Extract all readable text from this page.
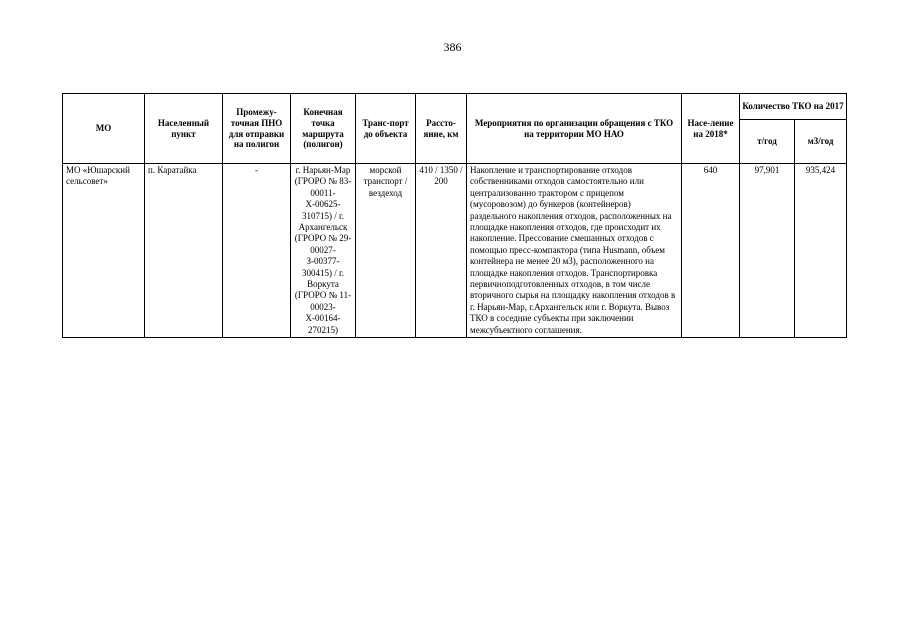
386
МО	Населенный пункт	Промежу-точная ПНО для отправки на полигон	Конечная точка маршрута (полигон)	Транс-порт до объекта	Рассто-яние, км	Мероприятия по организации обращения с ТКО на территории МО НАО	Насе-ление на 2018*	Количество ТКО на 2017	
								т/год	м3/год
МО «Юшарский сельсовет»	п. Каратайка	-	г. Нарьян-Мар (ГРОРО № 83-00011-Х-00625-310715) / г. Архангельск (ГРОРО № 29-00027-З-00377-300415) / г. Воркута (ГРОРО № 11-00023-Х-00164-270215)	морской транспорт / вездеход	410 / 1350 / 200	Накопление и транспортирование отходов собственниками отходов самостоятельно или централизованно трактором с прицепом (мусоровозом) до бункеров (контейнеров) раздельного накопления отходов, расположенных на площадке накопления отходов, где происходит их накопление. Прессование смешанных отходов с помощью пресс-компактора (типа Husmann, объем контейнера не менее 20 м3), расположенного на площадке накопления отходов. Транспортировка первичноподготовленных отходов, в том числе вторичного сырья на площадку накопления отходов в г. Нарьян-Мар, г.Архангельск или г. Воркута. Вывоз ТКО в соседние субъекты при заключении межсубъектного соглашения.	640	97,901	935,424
